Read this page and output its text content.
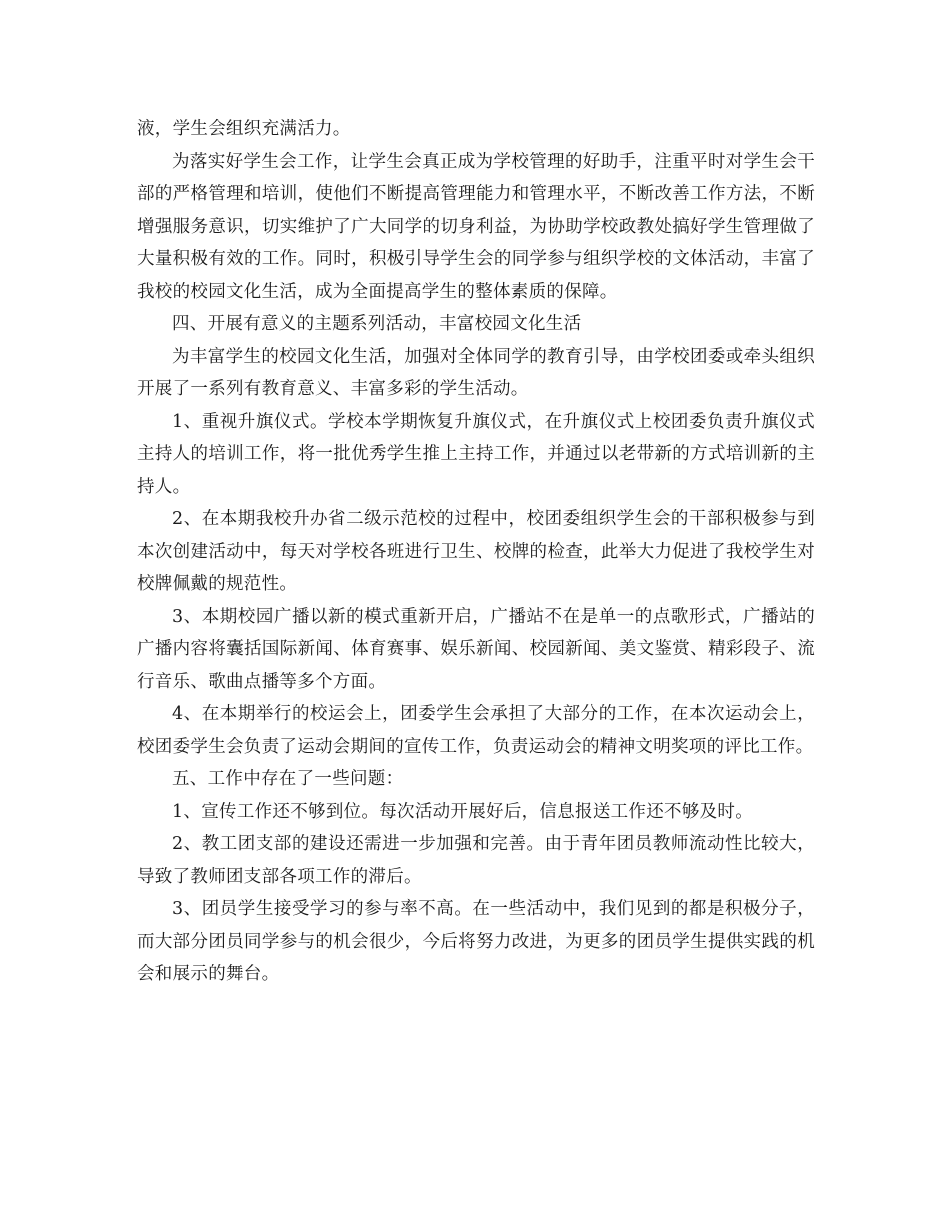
液，学生会组织充满活力。

为落实好学生会工作，让学生会真正成为学校管理的好助手，注重平时对学生会干部的严格管理和培训，使他们不断提高管理能力和管理水平，不断改善工作方法，不断增强服务意识，切实维护了广大同学的切身利益，为协助学校政教处搞好学生管理做了大量积极有效的工作。同时，积极引导学生会的同学参与组织学校的文体活动，丰富了我校的校园文化生活，成为全面提高学生的整体素质的保障。

四、开展有意义的主题系列活动，丰富校园文化生活

为丰富学生的校园文化生活，加强对全体同学的教育引导，由学校团委或牵头组织开展了一系列有教育意义、丰富多彩的学生活动。

1、重视升旗仪式。学校本学期恢复升旗仪式，在升旗仪式上校团委负责升旗仪式主持人的培训工作，将一批优秀学生推上主持工作，并通过以老带新的方式培训新的主持人。

2、在本期我校升办省二级示范校的过程中，校团委组织学生会的干部积极参与到本次创建活动中，每天对学校各班进行卫生、校牌的检查，此举大力促进了我校学生对校牌佩戴的规范性。

3、本期校园广播以新的模式重新开启，广播站不在是单一的点歌形式，广播站的广播内容将囊括国际新闻、体育赛事、娱乐新闻、校园新闻、美文鉴赏、精彩段子、流行音乐、歌曲点播等多个方面。

4、在本期举行的校运会上，团委学生会承担了大部分的工作，在本次运动会上，校团委学生会负责了运动会期间的宣传工作，负责运动会的精神文明奖项的评比工作。

五、工作中存在了一些问题：

1、宣传工作还不够到位。每次活动开展好后，信息报送工作还不够及时。

2、教工团支部的建设还需进一步加强和完善。由于青年团员教师流动性比较大，导致了教师团支部各项工作的滞后。

3、团员学生接受学习的参与率不高。在一些活动中，我们见到的都是积极分子，而大部分团员同学参与的机会很少，今后将努力改进，为更多的团员学生提供实践的机会和展示的舞台。
